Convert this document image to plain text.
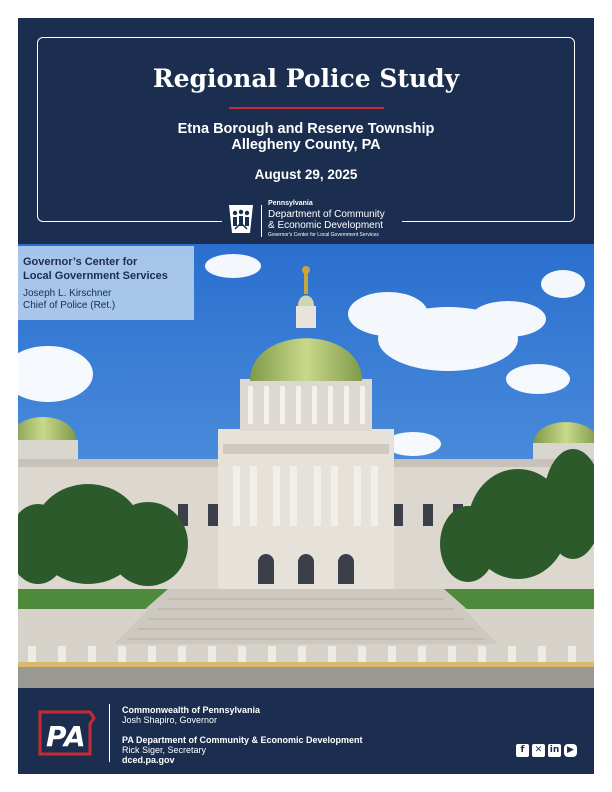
Regional Police Study
Etna Borough and Reserve Township
Allegheny County, PA
August 29, 2025
Pennsylvania
Department of Community
& Economic Development
Governor's Center for Local Government Services
Governor’s Center for
Local Government Services
Joseph L. Kirschner
Chief of Police (Ret.)
PA
Commonwealth of Pennsylvania
Josh Shapiro, Governor
PA Department of Community & Economic Development
Rick Siger, Secretary
dced.pa.gov
f	✕ in ▶
